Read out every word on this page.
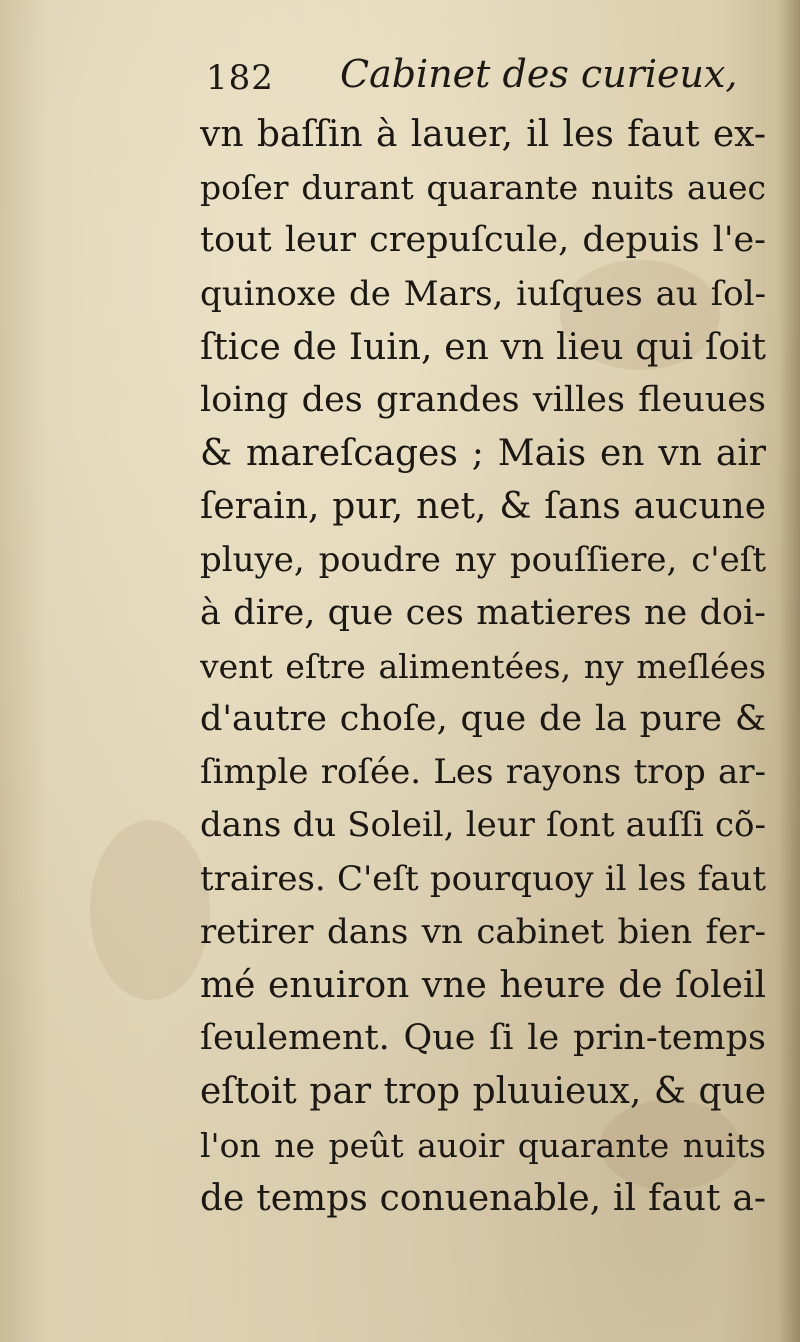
182 Cabinet des curieux,
vn baſſin à lauer, il les faut ex-
poſer durant quarante nuits auec
tout leur crepuſcule, depuis l'e-
quinoxe de Mars, iuſques au ſol-
ſtice de Iuin, en vn lieu qui ſoit
loing des grandes villes fleuues
& mareſcages ; Mais en vn air
ſerain, pur, net, & ſans aucune
pluye, poudre ny pouſſiere, c'eſt
à dire, que ces matieres ne doi-
vent eſtre alimentées, ny meſlées
d'autre choſe, que de la pure &
ſimple roſée. Les rayons trop ar-
dans du Soleil, leur ſont auſſi cõ-
traires. C'eſt pourquoy il les faut
retirer dans vn cabinet bien fer-
mé enuiron vne heure de ſoleil
ſeulement. Que ſi le prin-temps
eſtoit par trop pluuieux, & que
l'on ne peût auoir quarante nuits
de temps conuenable, il faut a-
